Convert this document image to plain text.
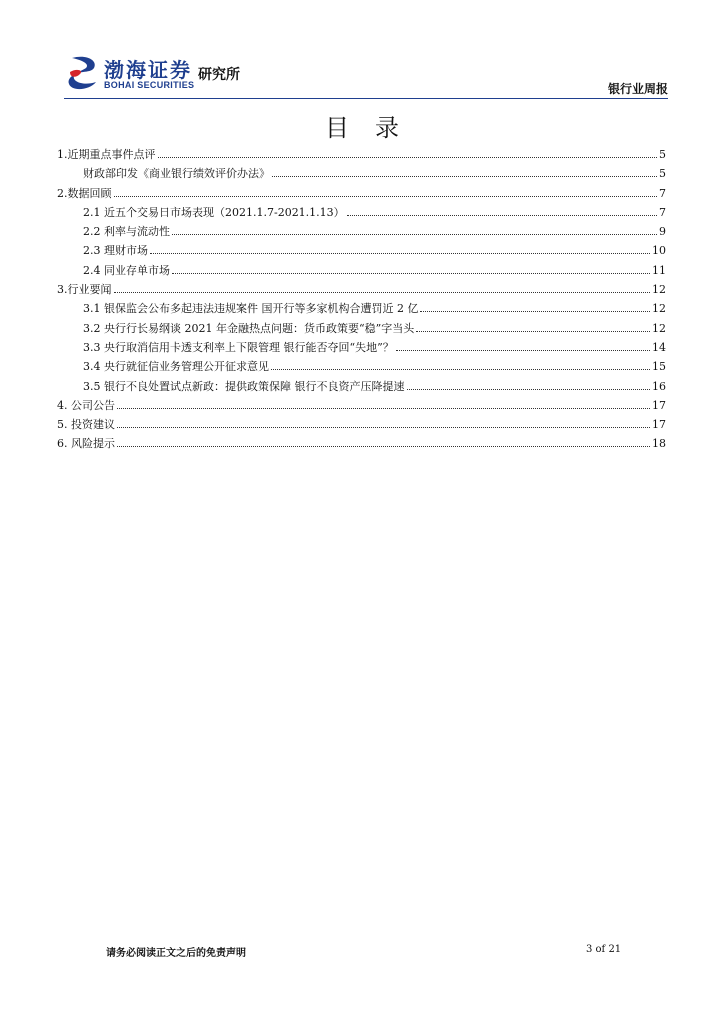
渤海证券
BOHAI SECURITIES
研究所
银行业周报
目录
1.近期重点事件点评	5
财政部印发《商业银行绩效评价办法》	5
2.数据回顾	7
2.1 近五个交易日市场表现（2021.1.7-2021.1.13）	7
2.2 利率与流动性	9
2.3 理财市场	10
2.4 同业存单市场	11
3.行业要闻	12
3.1 银保监会公布多起违法违规案件 国开行等多家机构合遭罚近 2 亿	12
3.2 央行行长易纲谈 2021 年金融热点问题：货币政策要“稳”字当头	12
3.3 央行取消信用卡透支利率上下限管理 银行能否夺回“失地”？	14
3.4 央行就征信业务管理公开征求意见	15
3.5 银行不良处置试点新政：提供政策保障 银行不良资产压降提速	16
4. 公司公告	17
5. 投资建议	17
6. 风险提示	18
请务必阅读正文之后的免责声明	3 of 21
